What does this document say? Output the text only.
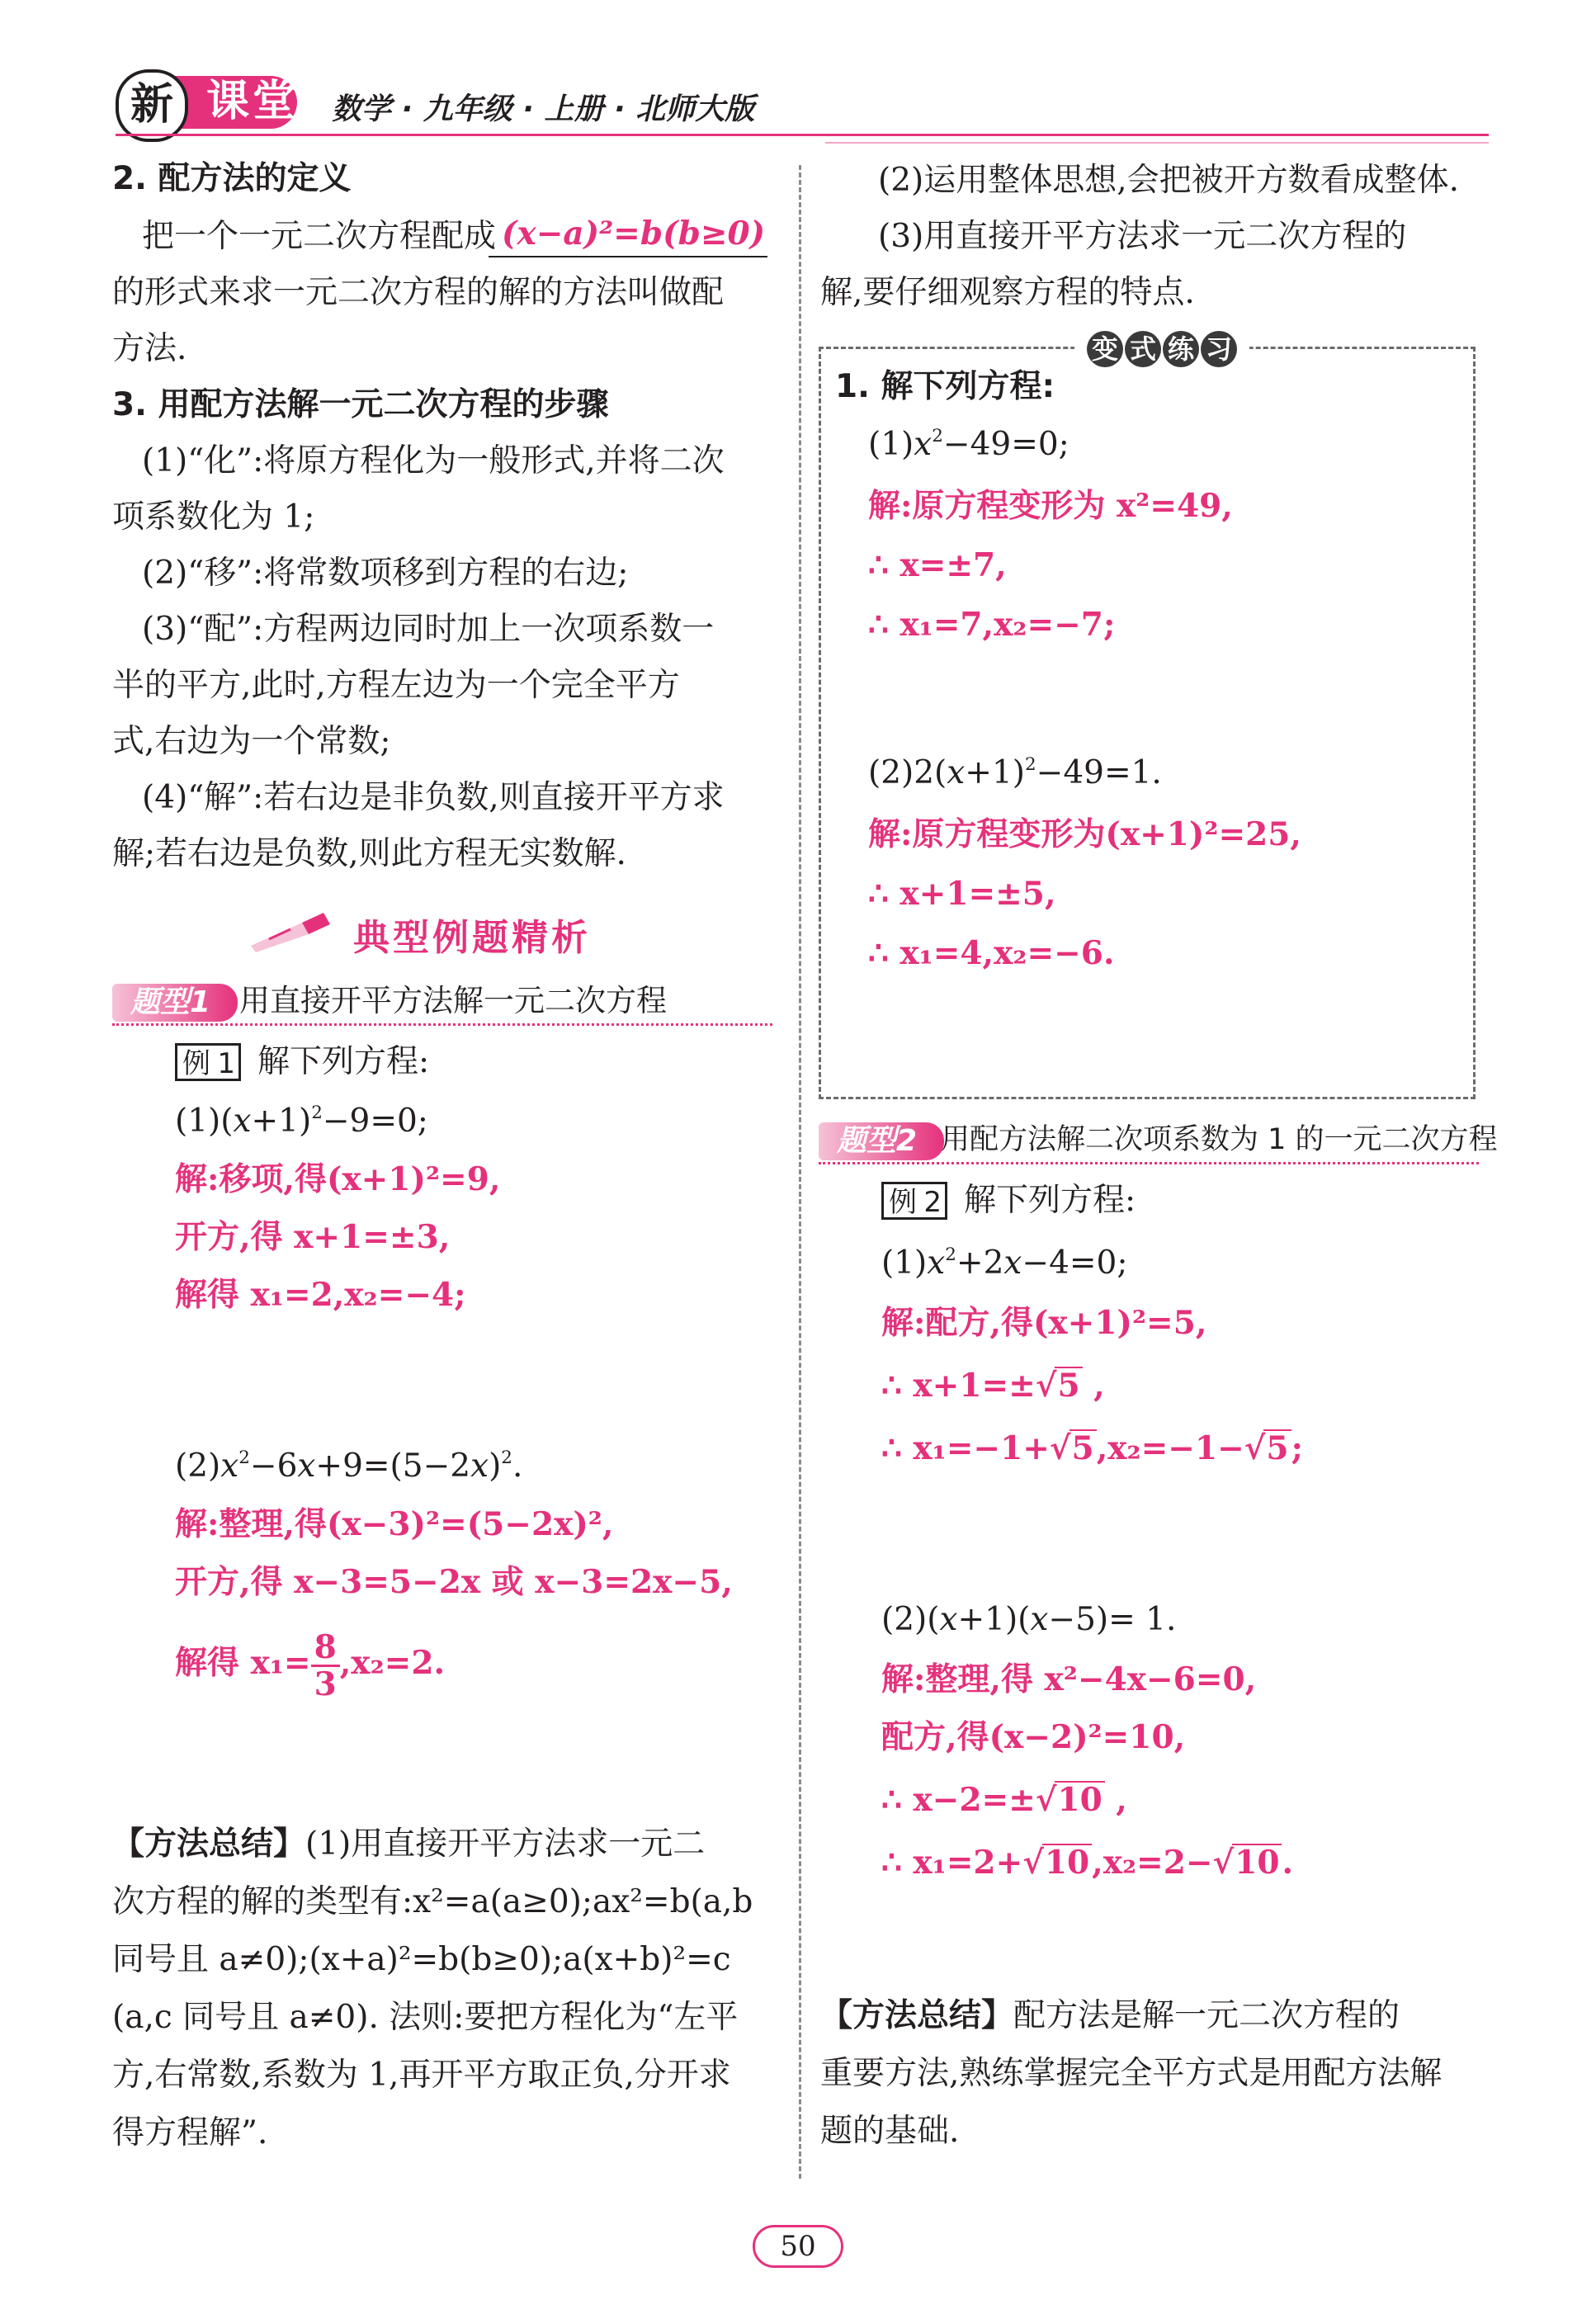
新 课堂 数学 · 九年级 · 上册 · 北师大版
2. 配方法的定义
把一个一元二次方程配成 (x−a)²=b(b≥0)
的形式来求一元二次方程的解的方法叫做配
方法.
3. 用配方法解一元二次方程的步骤
(1)“化”:将原方程化为一般形式,并将二次
项系数化为 1;
(2)“移”:将常数项移到方程的右边;
(3)“配”:方程两边同时加上一次项系数一
半的平方,此时,方程左边为一个完全平方
式,右边为一个常数;
(4)“解”:若右边是非负数,则直接开平方求
解;若右边是负数,则此方程无实数解.
典型例题精析
题型1 用直接开平方法解一元二次方程
例 1 解下列方程:
$(1)(x+1)^2-9=0$;
解:移项,得(x+1)²=9,
开方,得 x+1=±3,
解得 x₁=2,x₂=−4;
$(2)x^2-6x+9=(5-2x)^2$.
解:整理,得(x−3)²=(5−2x)²,
开方,得 x−3=5−2x 或 x−3=2x−5,
解得 $x_1= \frac{8}{3} ,x_2=2$.
【方法总结】(1)用直接开平方法求一元二
次方程的解的类型有:x²=a(a≥0);ax²=b(a,b
同号且 a≠0);(x+a)²=b(b≥0);a(x+b)²=c
(a,c 同号且 a≠0). 法则:要把方程化为“左平
方,右常数,系数为 1,再开平方取正负,分开求
得方程解”.
(2)运用整体思想,会把被开方数看成整体.
(3)用直接开平方法求一元二次方程的
解,要仔细观察方程的特点.
变 式 练 习
1. 解下列方程:
$(1)x^2-49=0$;
解:原方程变形为 x²=49,
∴ x=±7,
∴ x₁=7,x₂=−7;
$(2)2(x+1)^2-49=1$.
解:原方程变形为(x+1)²=25,
∴ x+1=±5,
∴ x₁=4,x₂=−6.
题型2 用配方法解二次项系数为 1 的一元二次方程
例 2 解下列方程:
$(1)x^2+2x-4=0$;
解:配方,得(x+1)²=5,
∴ x+1=±√5 ,
∴ x₁=−1+√5,x₂=−1−√5;
(2)(x+1)(x−5)= 1.
解:整理,得 x²−4x−6=0,
配方,得(x−2)²=10,
∴ x−2=±√10 ,
∴ x₁=2+√10,x₂=2−√10.
【方法总结】配方法是解一元二次方程的
重要方法,熟练掌握完全平方式是用配方法解
题的基础.
50
